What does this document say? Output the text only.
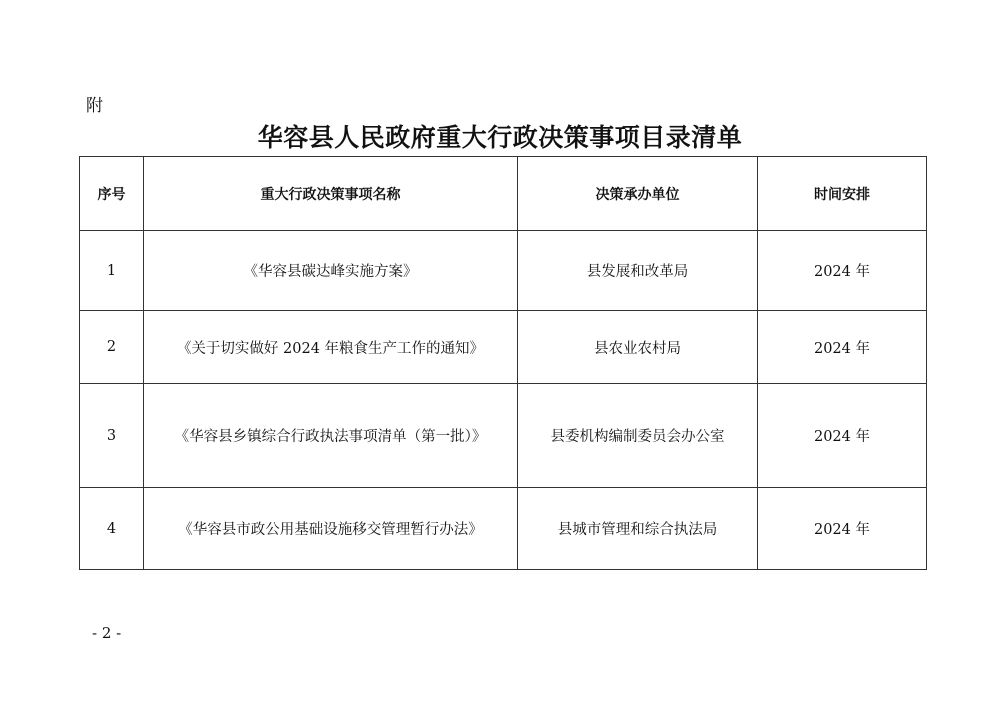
附
华容县人民政府重大行政决策事项目录清单
序号	重大行政决策事项名称	决策承办单位	时间安排
1	《华容县碳达峰实施方案》	县发展和改革局	2024 年
2	《关于切实做好 2024 年粮食生产工作的通知》	县农业农村局	2024 年
3	《华容县乡镇综合行政执法事项清单（第一批）》	县委机构编制委员会办公室	2024 年
4	《华容县市政公用基础设施移交管理暂行办法》	县城市管理和综合执法局	2024 年
- 2 -
